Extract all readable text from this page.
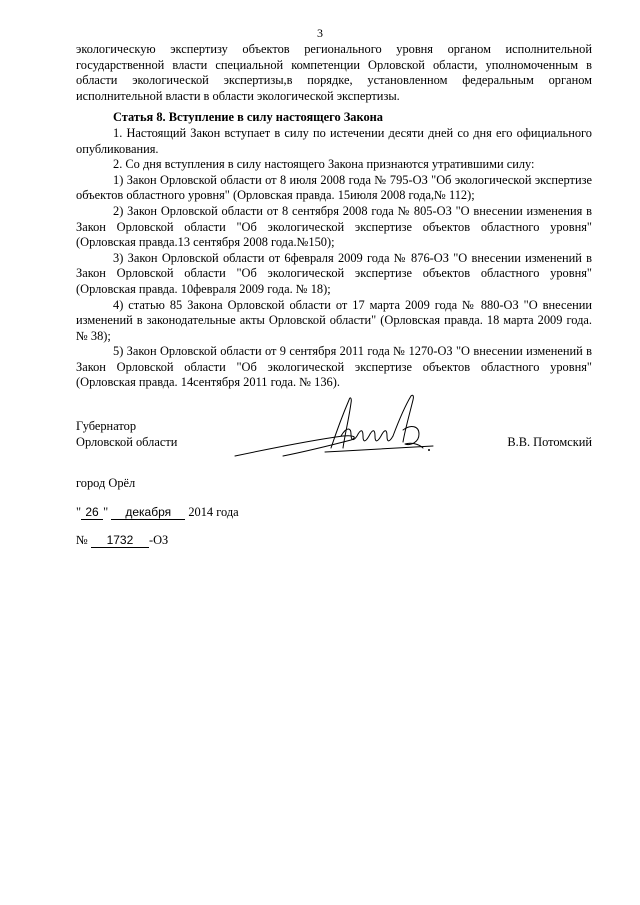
3

экологическую экспертизу объектов регионального уровня органом исполнительной государственной власти специальной компетенции Орловской области, уполномоченным в области экологической экспертизы,в порядке, установленном федеральным органом исполнительной власти в области экологической экспертизы.

Статья 8. Вступление в силу настоящего Закона

1. Настоящий Закон вступает в силу по истечении десяти дней со дня его официального опубликования.

2. Со дня вступления в силу настоящего Закона признаются утратившими силу:

1) Закон Орловской области от 8 июля 2008 года № 795-ОЗ "Об экологической экспертизе объектов областного уровня" (Орловская правда. 15июля 2008 года,№ 112);

2) Закон Орловской области от 8 сентября 2008 года № 805-ОЗ "О внесении изменения в Закон Орловской области "Об экологической экспертизе объектов областного уровня" (Орловская правда.13 сентября 2008 года.№150);

3) Закон Орловской области от 6февраля 2009 года № 876-ОЗ "О внесении изменений в Закон Орловской области "Об экологической экспертизе объектов областного уровня" (Орловская правда. 10февраля 2009 года. № 18);

4) статью 85 Закона Орловской области от 17 марта 2009 года № 880-ОЗ "О внесении изменений в законодательные акты Орловской области" (Орловская правда. 18 марта 2009 года. № 38);

5) Закон Орловской области от 9 сентября 2011 года № 1270-ОЗ "О внесении изменений в Закон Орловской области "Об экологической экспертизе объектов областного уровня" (Орловская правда. 14сентября 2011 года. № 136).

Губернатор
Орловской области	В.В. Потомский
город Орёл
" 26 " декабря 2014 года
№ 1732 -ОЗ
